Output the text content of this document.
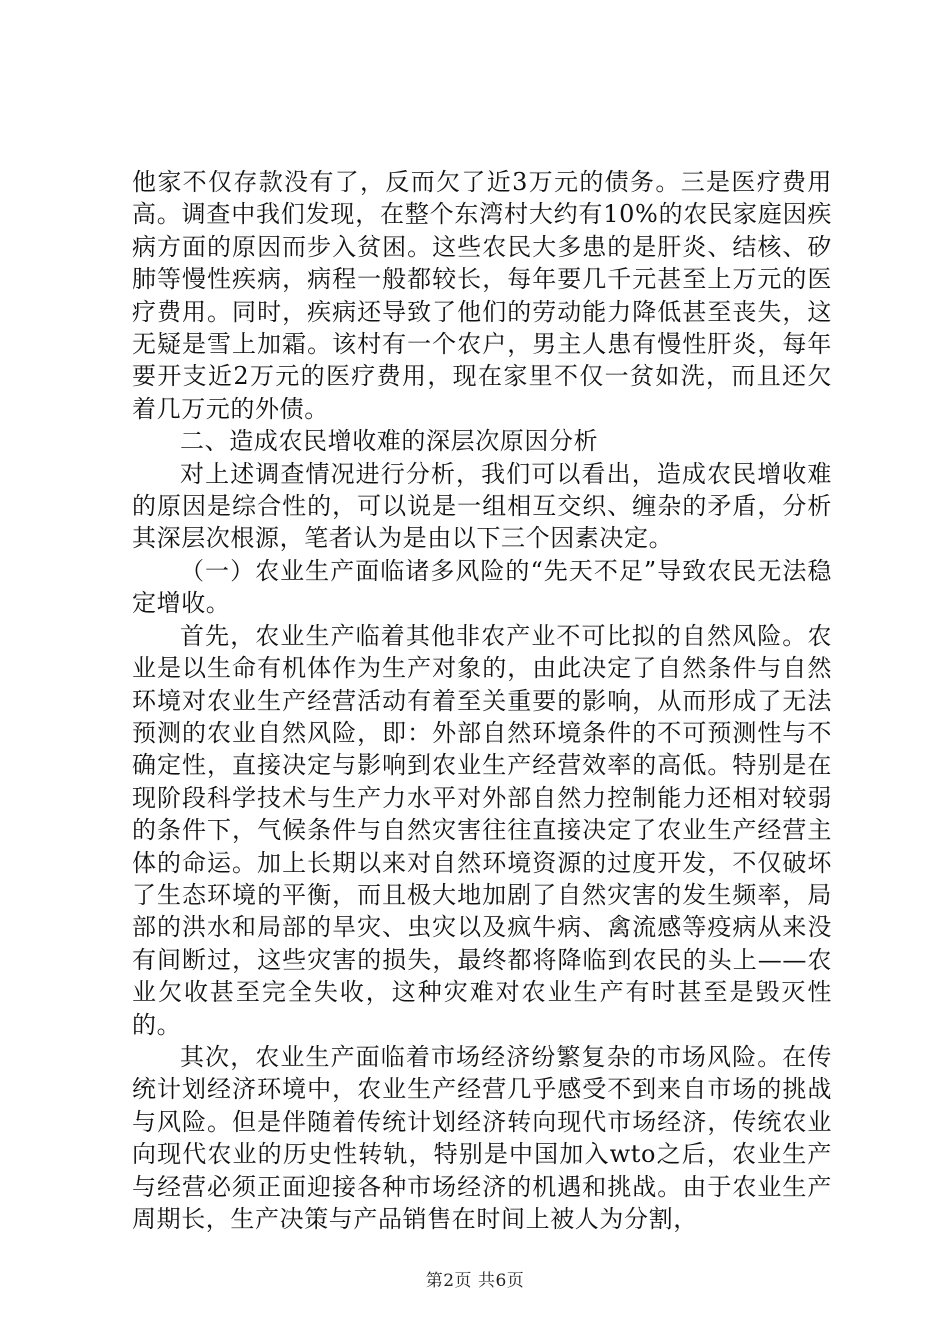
他家不仅存款没有了，反而欠了近3万元的债务。三是医疗费用高。调查中我们发现，在整个东湾村大约有10%的农民家庭因疾病方面的原因而步入贫困。这些农民大多患的是肝炎、结核、矽肺等慢性疾病，病程一般都较长，每年要几千元甚至上万元的医疗费用。同时，疾病还导致了他们的劳动能力降低甚至丧失，这无疑是雪上加霜。该村有一个农户，男主人患有慢性肝炎，每年要开支近2万元的医疗费用，现在家里不仅一贫如洗，而且还欠着几万元的外债。

二、造成农民增收难的深层次原因分析

对上述调查情况进行分析，我们可以看出，造成农民增收难的原因是综合性的，可以说是一组相互交织、缠杂的矛盾，分析其深层次根源，笔者认为是由以下三个因素决定。

（一）农业生产面临诸多风险的“先天不足”导致农民无法稳定增收。

首先，农业生产临着其他非农产业不可比拟的自然风险。农业是以生命有机体作为生产对象的，由此决定了自然条件与自然环境对农业生产经营活动有着至关重要的影响，从而形成了无法预测的农业自然风险，即：外部自然环境条件的不可预测性与不确定性，直接决定与影响到农业生产经营效率的高低。特别是在现阶段科学技术与生产力水平对外部自然力控制能力还相对较弱的条件下，气候条件与自然灾害往往直接决定了农业生产经营主体的命运。加上长期以来对自然环境资源的过度开发，不仅破坏了生态环境的平衡，而且极大地加剧了自然灾害的发生频率，局部的洪水和局部的旱灾、虫灾以及疯牛病、禽流感等疫病从来没有间断过，这些灾害的损失，最终都将降临到农民的头上——农业欠收甚至完全失收，这种灾难对农业生产有时甚至是毁灭性的。

其次，农业生产面临着市场经济纷繁复杂的市场风险。在传统计划经济环境中，农业生产经营几乎感受不到来自市场的挑战与风险。但是伴随着传统计划经济转向现代市场经济，传统农业向现代农业的历史性转轨，特别是中国加入wto之后，农业生产与经营必须正面迎接各种市场经济的机遇和挑战。由于农业生产周期长，生产决策与产品销售在时间上被人为分割，

第2页 共6页
